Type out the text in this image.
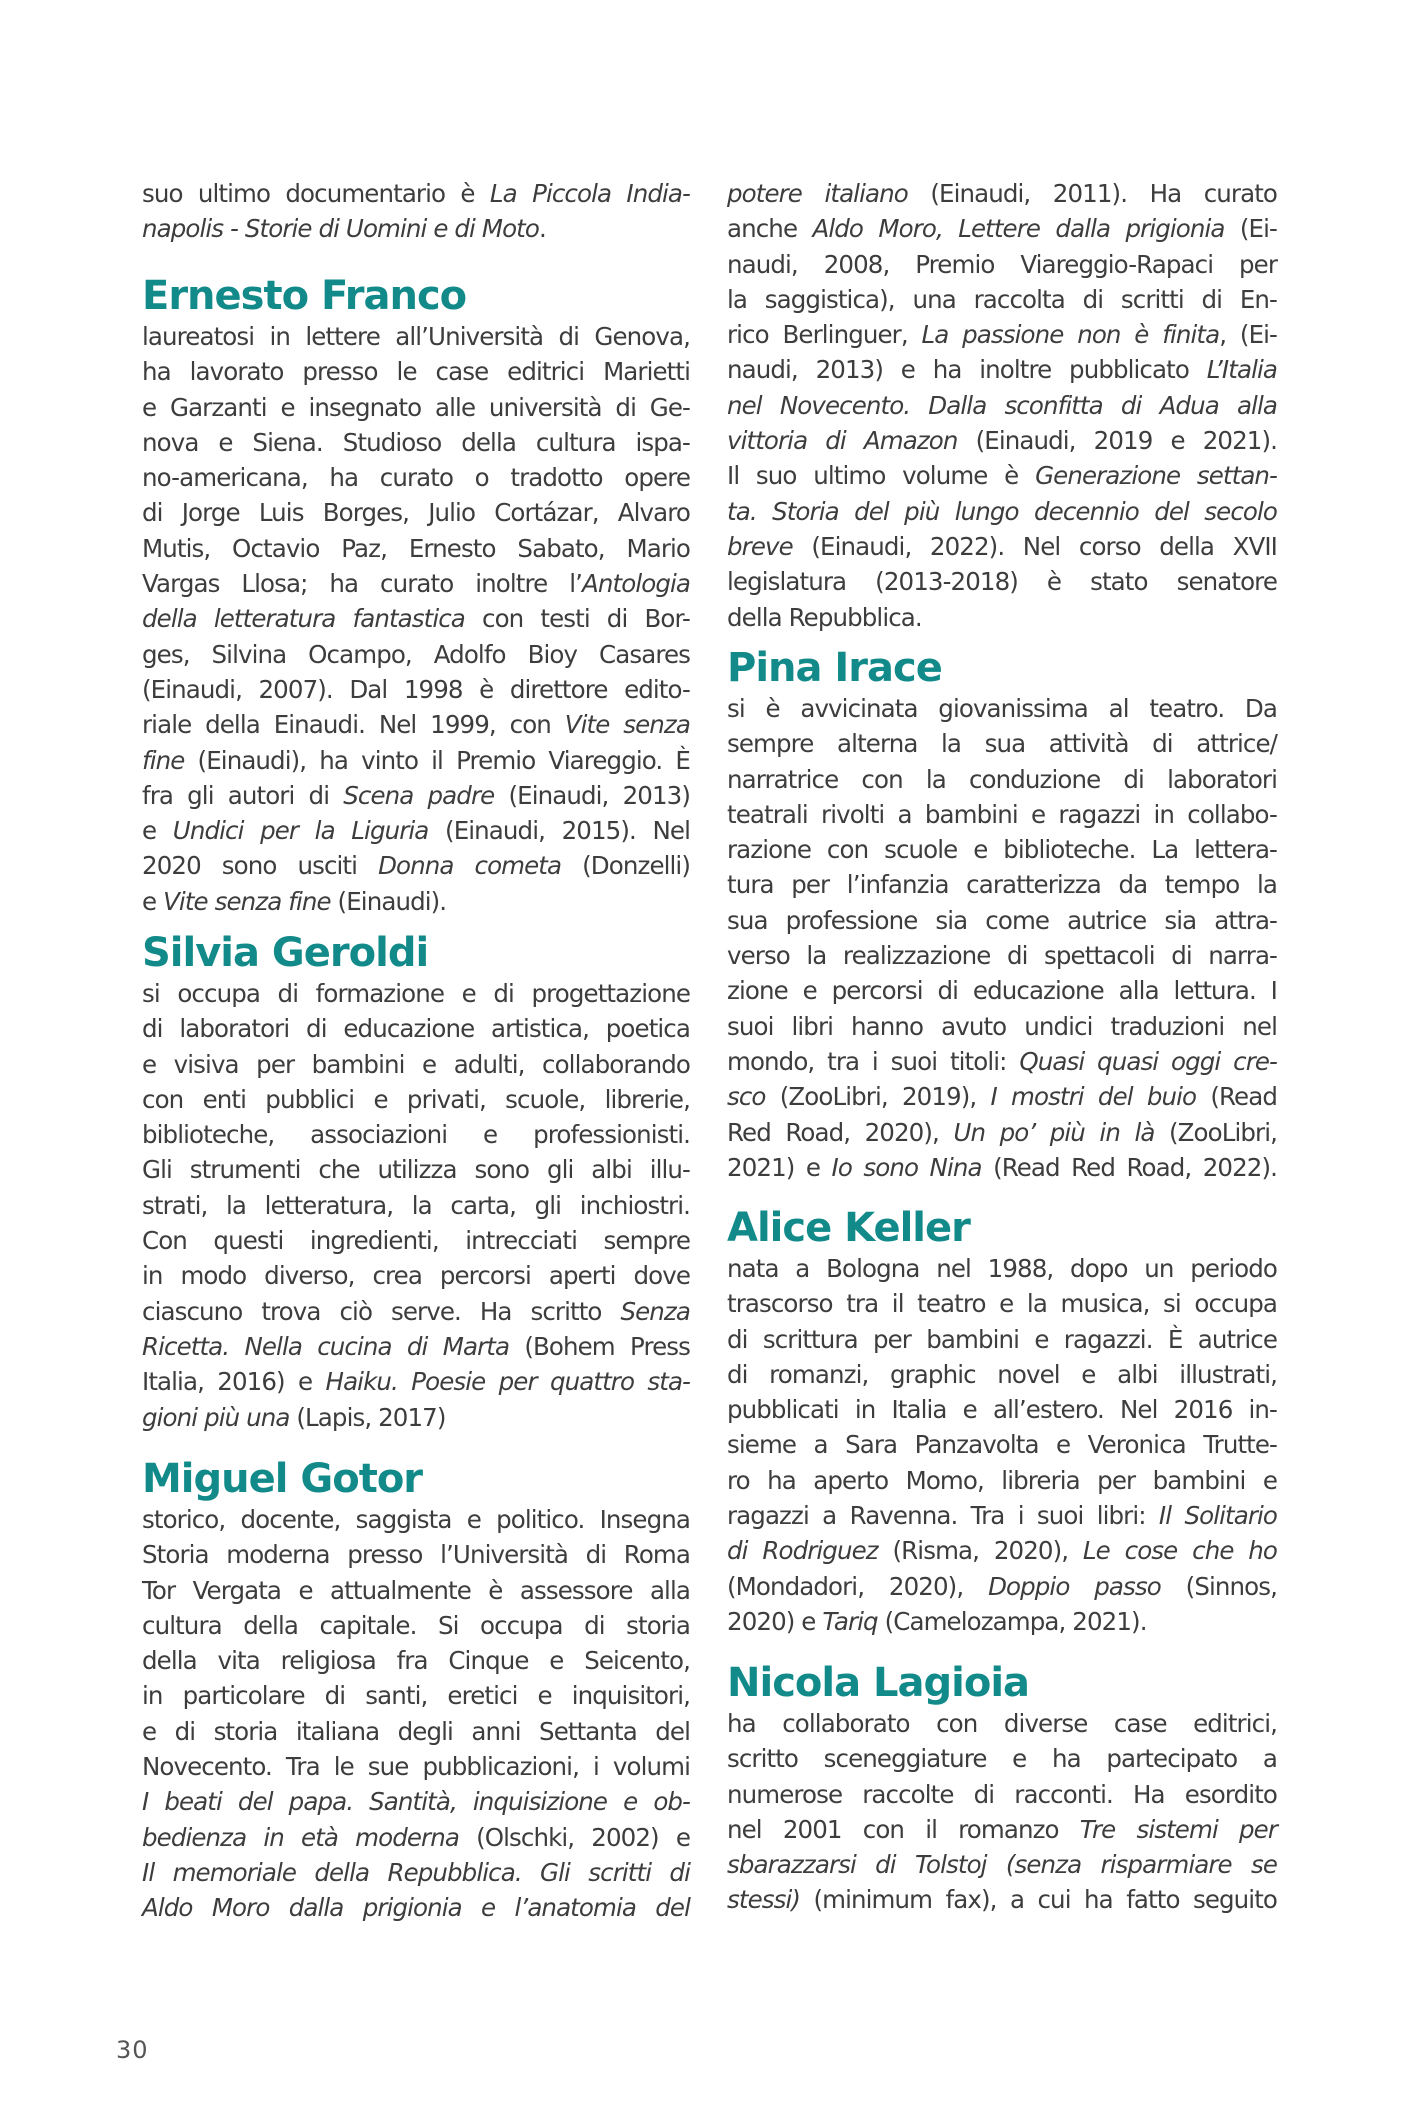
suo ultimo documentario è La Piccola India-
napolis - Storie di Uomini e di Moto.
Ernesto Franco
laureatosi in lettere all’Università di Genova,
ha lavorato presso le case editrici Marietti
e Garzanti e insegnato alle università di Ge-
nova e Siena. Studioso della cultura ispa-
no-americana, ha curato o tradotto opere
di Jorge Luis Borges, Julio Cortázar, Alvaro
Mutis, Octavio Paz, Ernesto Sabato, Mario
Vargas Llosa; ha curato inoltre l’Antologia
della letteratura fantastica con testi di Bor-
ges, Silvina Ocampo, Adolfo Bioy Casares
(Einaudi, 2007). Dal 1998 è direttore edito-
riale della Einaudi. Nel 1999, con Vite senza
fine (Einaudi), ha vinto il Premio Viareggio. È
fra gli autori di Scena padre (Einaudi, 2013)
e Undici per la Liguria (Einaudi, 2015). Nel
2020 sono usciti Donna cometa (Donzelli)
e Vite senza fine (Einaudi).
Silvia Geroldi
si occupa di formazione e di progettazione
di laboratori di educazione artistica, poetica
e visiva per bambini e adulti, collaborando
con enti pubblici e privati, scuole, librerie,
biblioteche, associazioni e professionisti.
Gli strumenti che utilizza sono gli albi illu-
strati, la letteratura, la carta, gli inchiostri.
Con questi ingredienti, intrecciati sempre
in modo diverso, crea percorsi aperti dove
ciascuno trova ciò serve. Ha scritto Senza
Ricetta. Nella cucina di Marta (Bohem Press
Italia, 2016) e Haiku. Poesie per quattro sta-
gioni più una (Lapis, 2017)
Miguel Gotor
storico, docente, saggista e politico. Insegna
Storia moderna presso l’Università di Roma
Tor Vergata e attualmente è assessore alla
cultura della capitale. Si occupa di storia
della vita religiosa fra Cinque e Seicento,
in particolare di santi, eretici e inquisitori,
e di storia italiana degli anni Settanta del
Novecento. Tra le sue pubblicazioni, i volumi
I beati del papa. Santità, inquisizione e ob-
bedienza in età moderna (Olschki, 2002) e
Il memoriale della Repubblica. Gli scritti di
Aldo Moro dalla prigionia e l’anatomia del
potere italiano (Einaudi, 2011). Ha curato
anche Aldo Moro, Lettere dalla prigionia (Ei-
naudi, 2008, Premio Viareggio-Rapaci per
la saggistica), una raccolta di scritti di En-
rico Berlinguer, La passione non è finita, (Ei-
naudi, 2013) e ha inoltre pubblicato L’Italia
nel Novecento. Dalla sconfitta di Adua alla
vittoria di Amazon (Einaudi, 2019 e 2021).
Il suo ultimo volume è Generazione settan-
ta. Storia del più lungo decennio del secolo
breve (Einaudi, 2022). Nel corso della XVII
legislatura (2013-2018) è stato senatore
della Repubblica.
Pina Irace
si è avvicinata giovanissima al teatro. Da
sempre alterna la sua attività di attrice/
narratrice con la conduzione di laboratori
teatrali rivolti a bambini e ragazzi in collabo-
razione con scuole e biblioteche. La lettera-
tura per l’infanzia caratterizza da tempo la
sua professione sia come autrice sia attra-
verso la realizzazione di spettacoli di narra-
zione e percorsi di educazione alla lettura. I
suoi libri hanno avuto undici traduzioni nel
mondo, tra i suoi titoli: Quasi quasi oggi cre-
sco (ZooLibri, 2019), I mostri del buio (Read
Red Road, 2020), Un po’ più in là (ZooLibri,
2021) e Io sono Nina (Read Red Road, 2022).
Alice Keller
nata a Bologna nel 1988, dopo un periodo
trascorso tra il teatro e la musica, si occupa
di scrittura per bambini e ragazzi. È autrice
di romanzi, graphic novel e albi illustrati,
pubblicati in Italia e all’estero. Nel 2016 in-
sieme a Sara Panzavolta e Veronica Trutte-
ro ha aperto Momo, libreria per bambini e
ragazzi a Ravenna. Tra i suoi libri: Il Solitario
di Rodriguez (Risma, 2020), Le cose che ho
(Mondadori, 2020), Doppio passo (Sinnos,
2020) e Tariq (Camelozampa, 2021).
Nicola Lagioia
ha collaborato con diverse case editrici,
scritto sceneggiature e ha partecipato a
numerose raccolte di racconti. Ha esordito
nel 2001 con il romanzo Tre sistemi per
sbarazzarsi di Tolstoj (senza risparmiare se
stessi) (minimum fax), a cui ha fatto seguito
30
